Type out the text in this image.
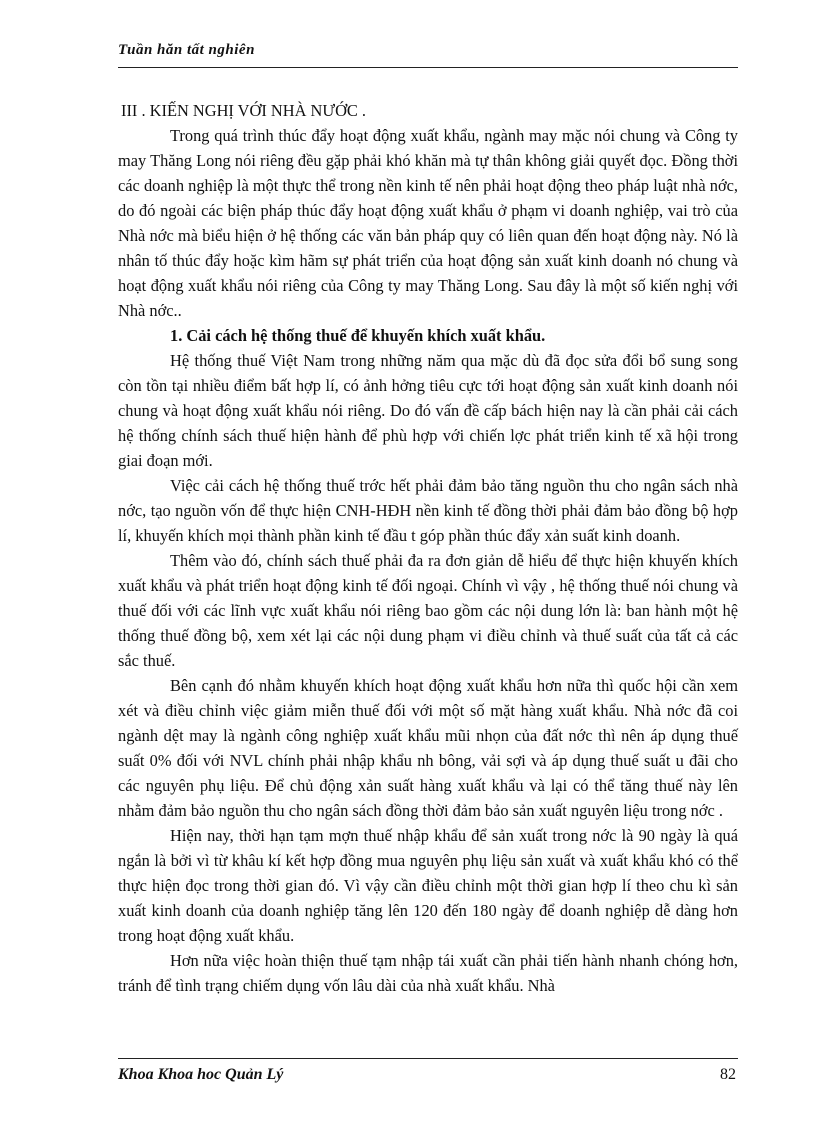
Tuần hăn tất nghiên
III . KIẾN NGHỊ VỚI NHÀ NƯỚC .

Trong quá trình thúc đẩy hoạt động xuất khẩu, ngành may mặc nói chung và Công ty may Thăng Long nói riêng đều gặp phải khó khăn mà tự thân không giải quyết đọc. Đồng thời các doanh nghiệp là một thực thể trong nền kinh tế nên phải hoạt động theo pháp luật nhà nớc, do đó ngoài các biện pháp thúc đẩy hoạt động xuất khẩu ở phạm vi doanh nghiệp, vai trò của Nhà nớc mà biểu hiện ở hệ thống các văn bản pháp quy có liên quan đến hoạt động này. Nó là nhân tố thúc đẩy hoặc kìm hãm sự phát triển của hoạt động sản xuất kinh doanh nó chung và hoạt động xuất khẩu nói riêng của Công ty may Thăng Long. Sau đây là một số kiến nghị với Nhà nớc..

1. Cải cách hệ thống thuế để khuyến khích xuất khẩu.

Hệ thống thuế Việt Nam trong những năm qua mặc dù đã đọc sửa đổi bổ sung song còn tồn tại nhiều điểm bất hợp lí, có ảnh hởng tiêu cực tới hoạt động sản xuất kinh doanh nói chung và hoạt động xuất khẩu nói riêng. Do đó vấn đề cấp bách hiện nay là cần phải cải cách hệ thống chính sách thuế hiện hành để phù hợp với chiến lợc phát triển kinh tế xã hội trong giai đoạn mới.

Việc cải cách hệ thống thuế trớc hết phải đảm bảo tăng nguồn thu cho ngân sách nhà nớc, tạo nguồn vốn để thực hiện CNH-HĐH nền kinh tế đồng thời phải đảm bảo đồng bộ hợp lí, khuyến khích mọi thành phần kinh tế đầu t góp phần thúc đẩy xản suất kinh doanh.

Thêm vào đó, chính sách thuế phải đa ra đơn giản dễ hiểu để thực hiện khuyến khích xuất khẩu và phát triển hoạt động kinh tế đối ngoại. Chính vì vậy , hệ thống thuế nói chung và thuế đối với các lĩnh vực xuất khẩu nói riêng bao gồm các nội dung lớn là: ban hành một hệ thống thuế đồng bộ, xem xét lại các nội dung phạm vi điều chỉnh và thuế suất của tất cả các sắc thuế.

Bên cạnh đó nhằm khuyến khích hoạt động xuất khẩu hơn nữa thì quốc hội cần xem xét và điều chỉnh việc giảm miễn thuế đối với một số mặt hàng xuất khẩu. Nhà nớc đã coi ngành dệt may là ngành công nghiệp xuất khẩu mũi nhọn của đất nớc thì nên áp dụng thuế suất 0% đối với NVL chính phải nhập khẩu nh bông, vải sợi và áp dụng thuế suất u đãi cho các nguyên phụ liệu. Để chủ động xản suất hàng xuất khẩu và lại có thể tăng thuế này lên nhằm đảm bảo nguồn thu cho ngân sách đồng thời đảm bảo sản xuất nguyên liệu trong nớc .

Hiện nay, thời hạn tạm mợn thuế nhập khẩu để sản xuất trong nớc là 90 ngày là quá ngắn là bởi vì từ khâu kí kết hợp đồng mua nguyên phụ liệu sản xuất và xuất khẩu khó có thể thực hiện đọc trong thời gian đó. Vì vậy cần điều chỉnh một thời gian hợp lí theo chu kì sản xuất kinh doanh của doanh nghiệp tăng lên 120 đến 180 ngày để doanh nghiệp dễ dàng hơn trong hoạt động xuất khẩu.

Hơn nữa việc hoàn thiện thuế tạm nhập tái xuất cần phải tiến hành nhanh chóng hơn, tránh để tình trạng chiếm dụng vốn lâu dài của nhà xuất khẩu. Nhà

Khoa Khoa hoc Quản Lý	82
